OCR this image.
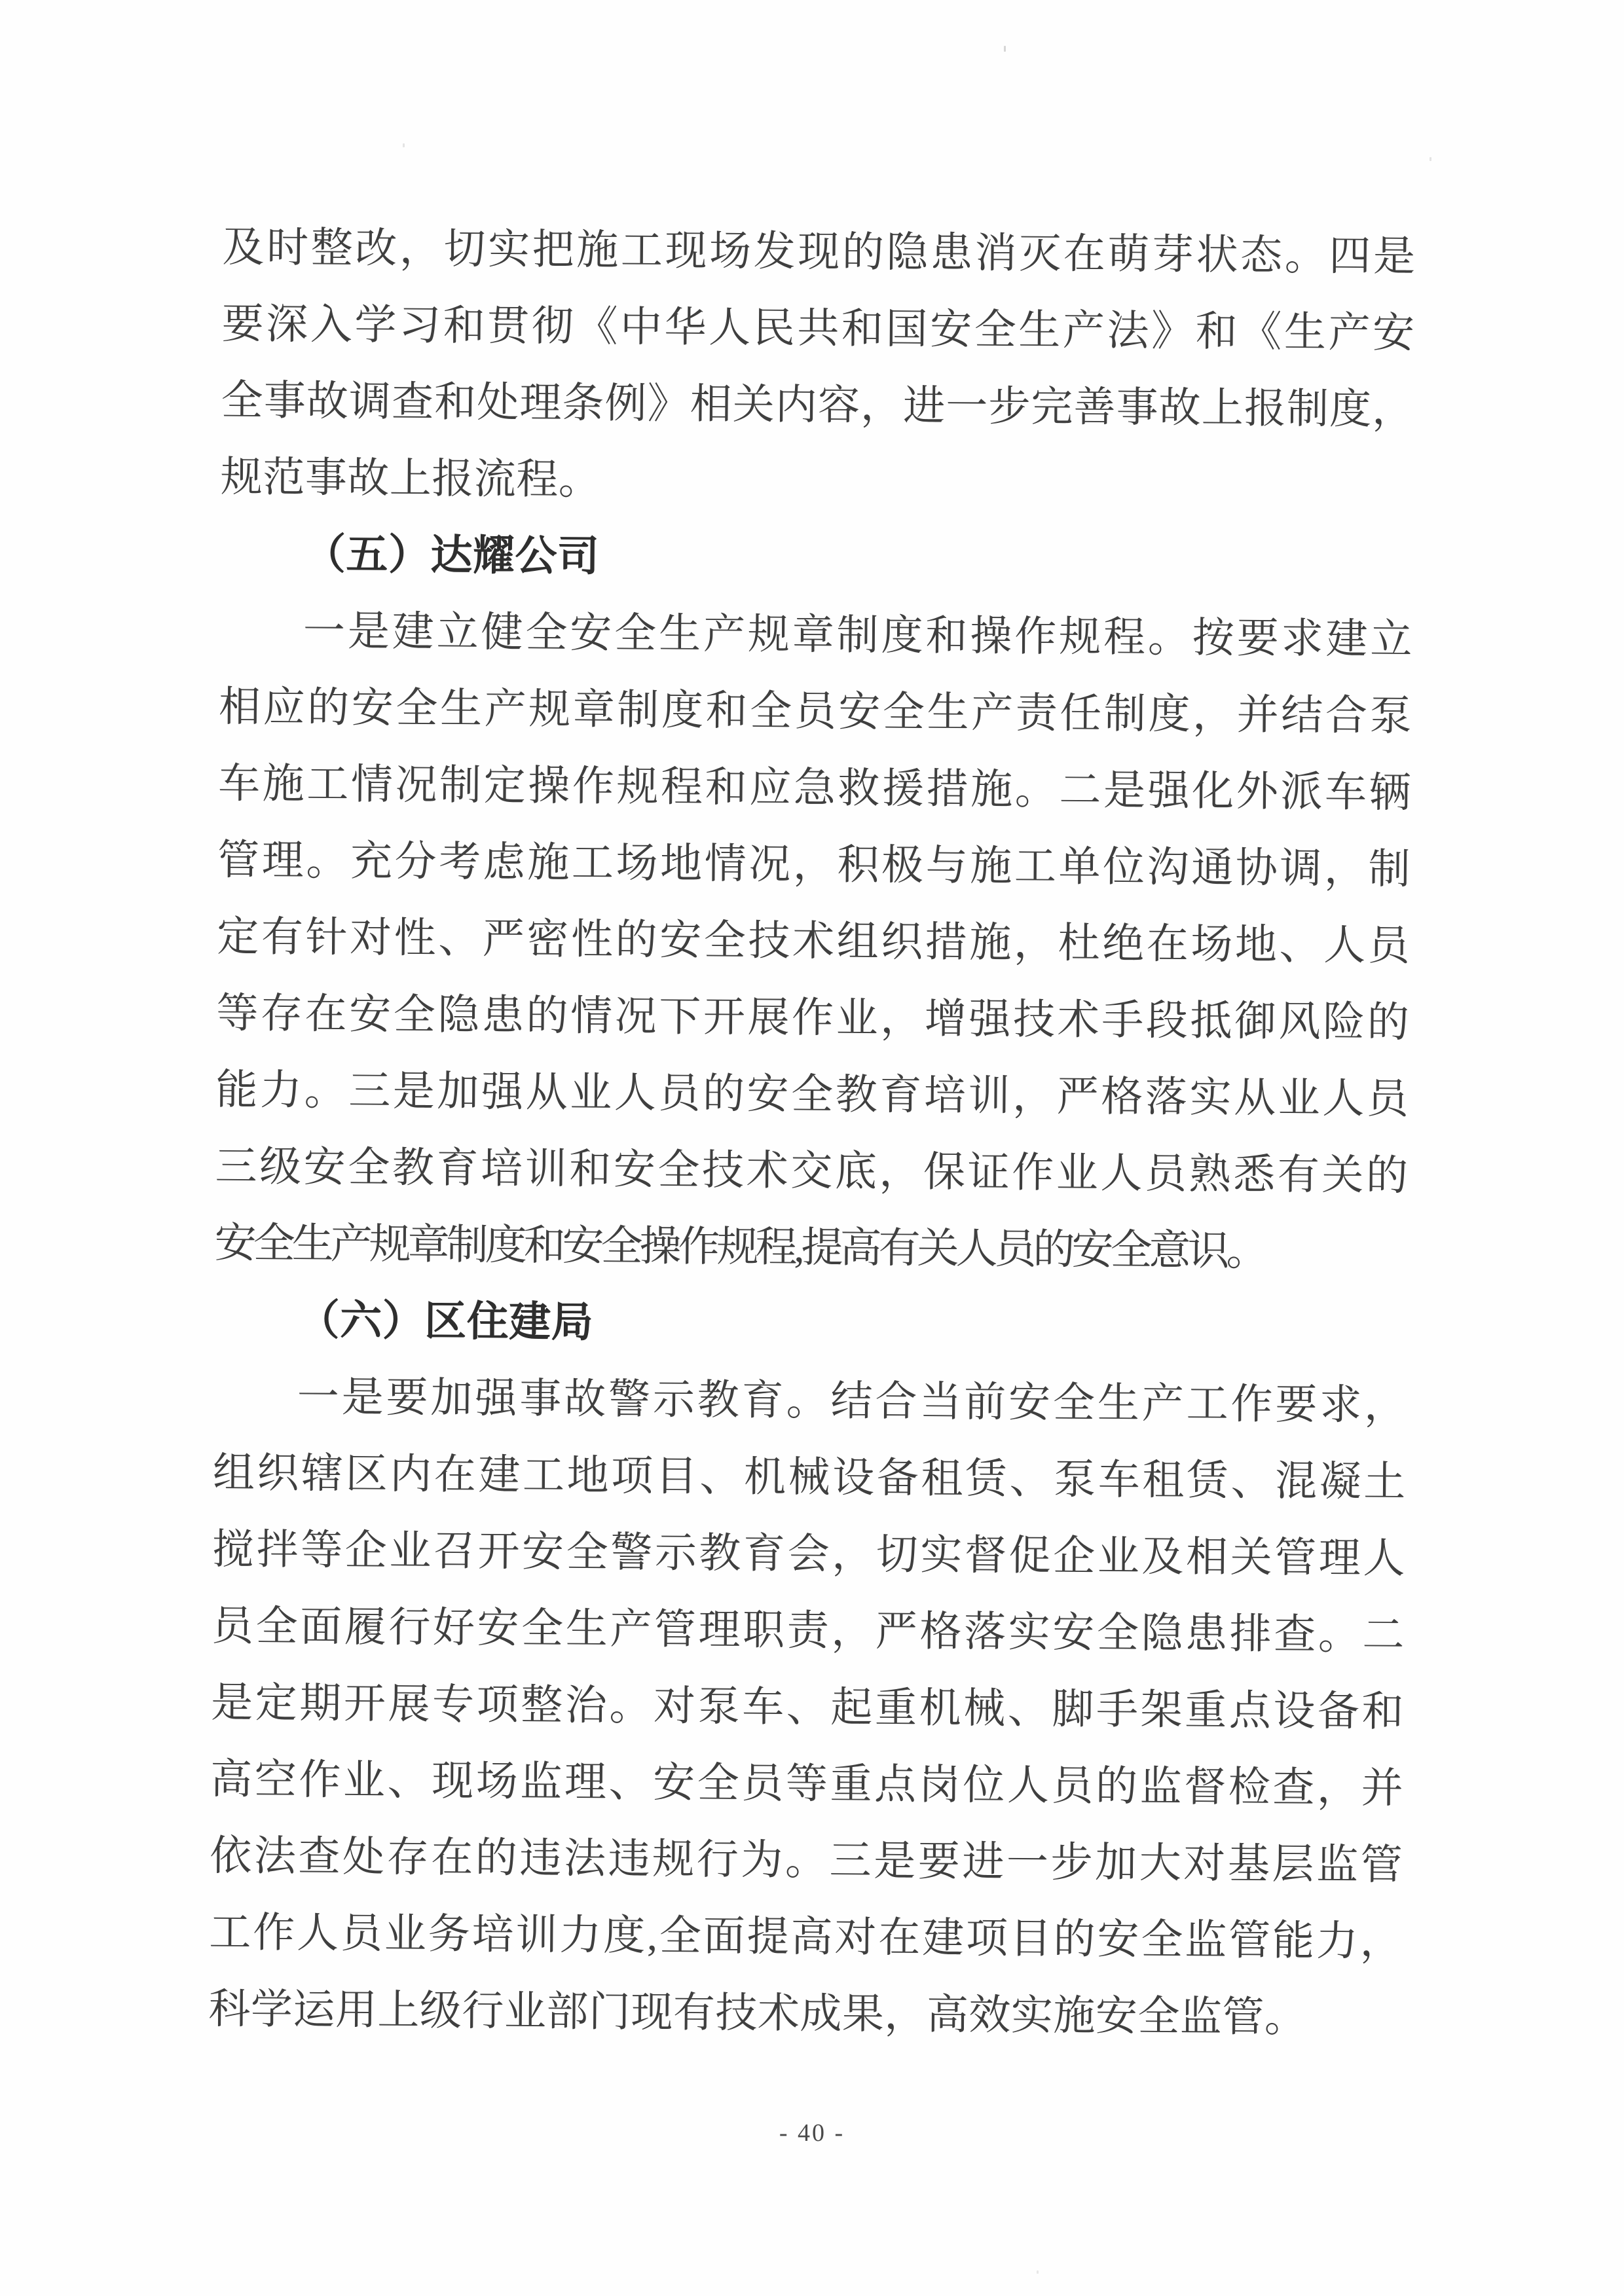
及时整改，切实把施工现场发现的隐患消灭在萌芽状态。四是
要深入学习和贯彻《中华人民共和国安全生产法》和《生产安
全事故调查和处理条例》相关内容，进一步完善事故上报制度，
规范事故上报流程。
（五）达耀公司
一是建立健全安全生产规章制度和操作规程。按要求建立
相应的安全生产规章制度和全员安全生产责任制度，并结合泵
车施工情况制定操作规程和应急救援措施。二是强化外派车辆
管理。充分考虑施工场地情况，积极与施工单位沟通协调，制
定有针对性、严密性的安全技术组织措施，杜绝在场地、人员
等存在安全隐患的情况下开展作业，增强技术手段抵御风险的
能力。三是加强从业人员的安全教育培训，严格落实从业人员
三级安全教育培训和安全技术交底，保证作业人员熟悉有关的
安全生产规章制度和安全操作规程,提高有关人员的安全意识。
（六）区住建局
一是要加强事故警示教育。结合当前安全生产工作要求，
组织辖区内在建工地项目、机械设备租赁、泵车租赁、混凝土
搅拌等企业召开安全警示教育会，切实督促企业及相关管理人
员全面履行好安全生产管理职责，严格落实安全隐患排查。二
是定期开展专项整治。对泵车、起重机械、脚手架重点设备和
高空作业、现场监理、安全员等重点岗位人员的监督检查，并
依法查处存在的违法违规行为。三是要进一步加大对基层监管
工作人员业务培训力度,全面提高对在建项目的安全监管能力，
科学运用上级行业部门现有技术成果，高效实施安全监管。
- 40 -
